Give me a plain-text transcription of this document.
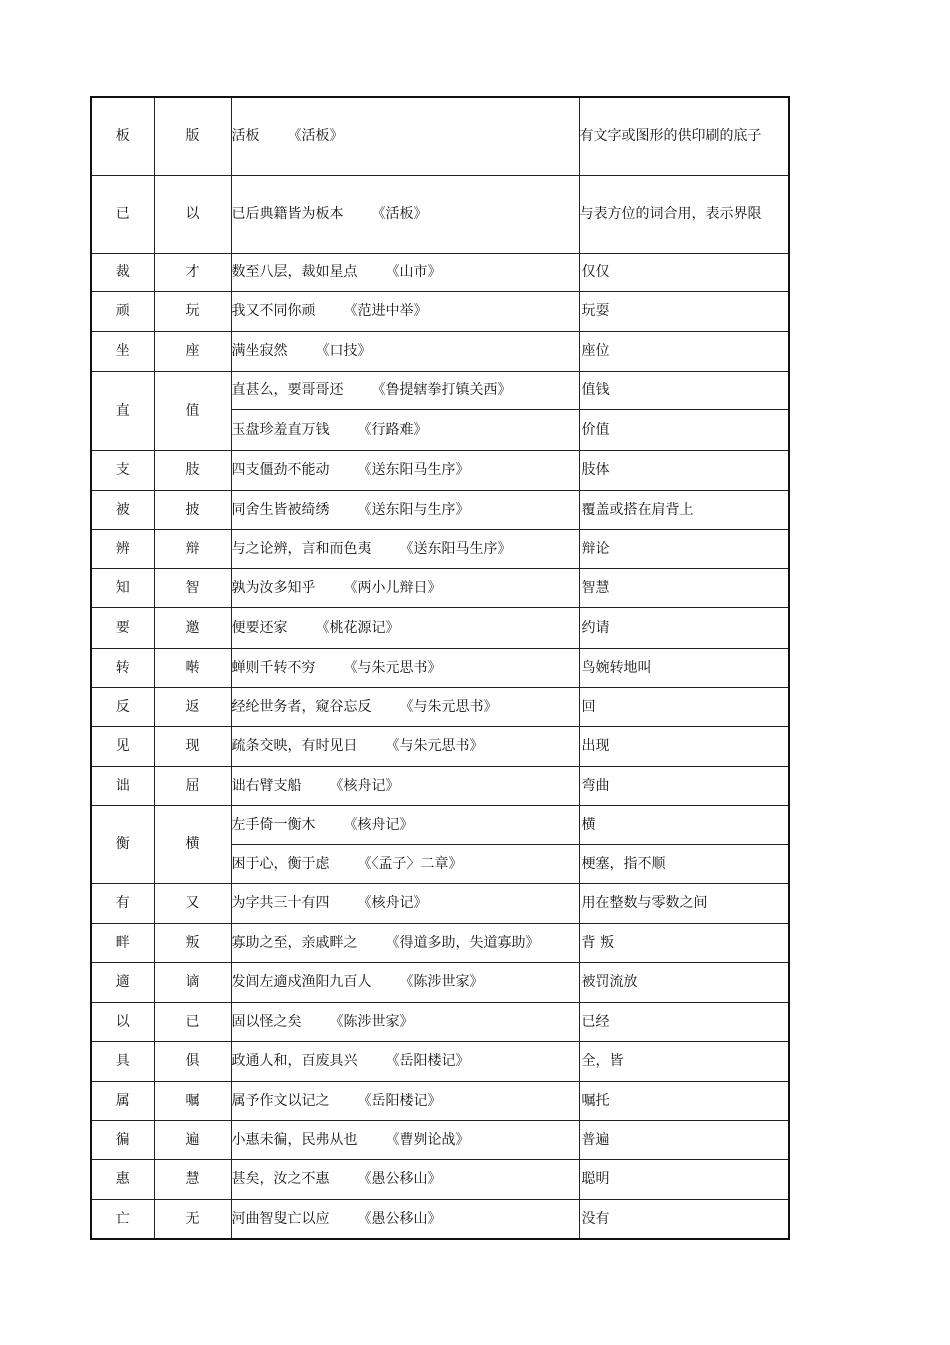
板	版	活板 《活板》	有文字或图形的供印刷的底子
已	以	已后典籍皆为板本 《活板》	与表方位的词合用，表示界限
裁	才	数至八层，裁如星点 《山市》	仅仅
顽	玩	我又不同你顽 《范进中举》	玩耍
坐	座	满坐寂然 《口技》	座位
直	值	直甚么，要哥哥还 《鲁提辖拳打镇关西》	值钱
		玉盘珍羞直万钱 《行路难》	价值
支	肢	四支僵劲不能动 《送东阳马生序》	肢体
被	披	同舍生皆被绮绣 《送东阳与生序》	覆盖或搭在肩背上
辨	辩	与之论辨，言和而色夷 《送东阳马生序》	辩论
知	智	孰为汝多知乎 《两小儿辩日》	智慧
要	邀	便要还家 《桃花源记》	约请
转	啭	蝉则千转不穷 《与朱元思书》	鸟婉转地叫
反	返	经纶世务者，窥谷忘反 《与朱元思书》	回
见	现	疏条交映，有时见日 《与朱元思书》	出现
诎	屈	诎右臂支船 《核舟记》	弯曲
衡	横	左手倚一衡木 《核舟记》	横
		困于心，衡于虑 《〈孟子〉二章》	梗塞，指不顺
有	又	为字共三十有四 《核舟记》	用在整数与零数之间
畔	叛	寡助之至，亲戚畔之 《得道多助，失道寡助》	背 叛
適	谪	发闾左適戍渔阳九百人 《陈涉世家》	被罚流放
以	已	固以怪之矣 《陈涉世家》	已经
具	俱	政通人和，百废具兴 《岳阳楼记》	全，皆
属	嘱	属予作文以记之 《岳阳楼记》	嘱托
徧	遍	小惠未徧，民弗从也 《曹刿论战》	普遍
惠	慧	甚矣，汝之不惠 《愚公移山》	聪明
亡	无	河曲智叟亡以应 《愚公移山》	没有
